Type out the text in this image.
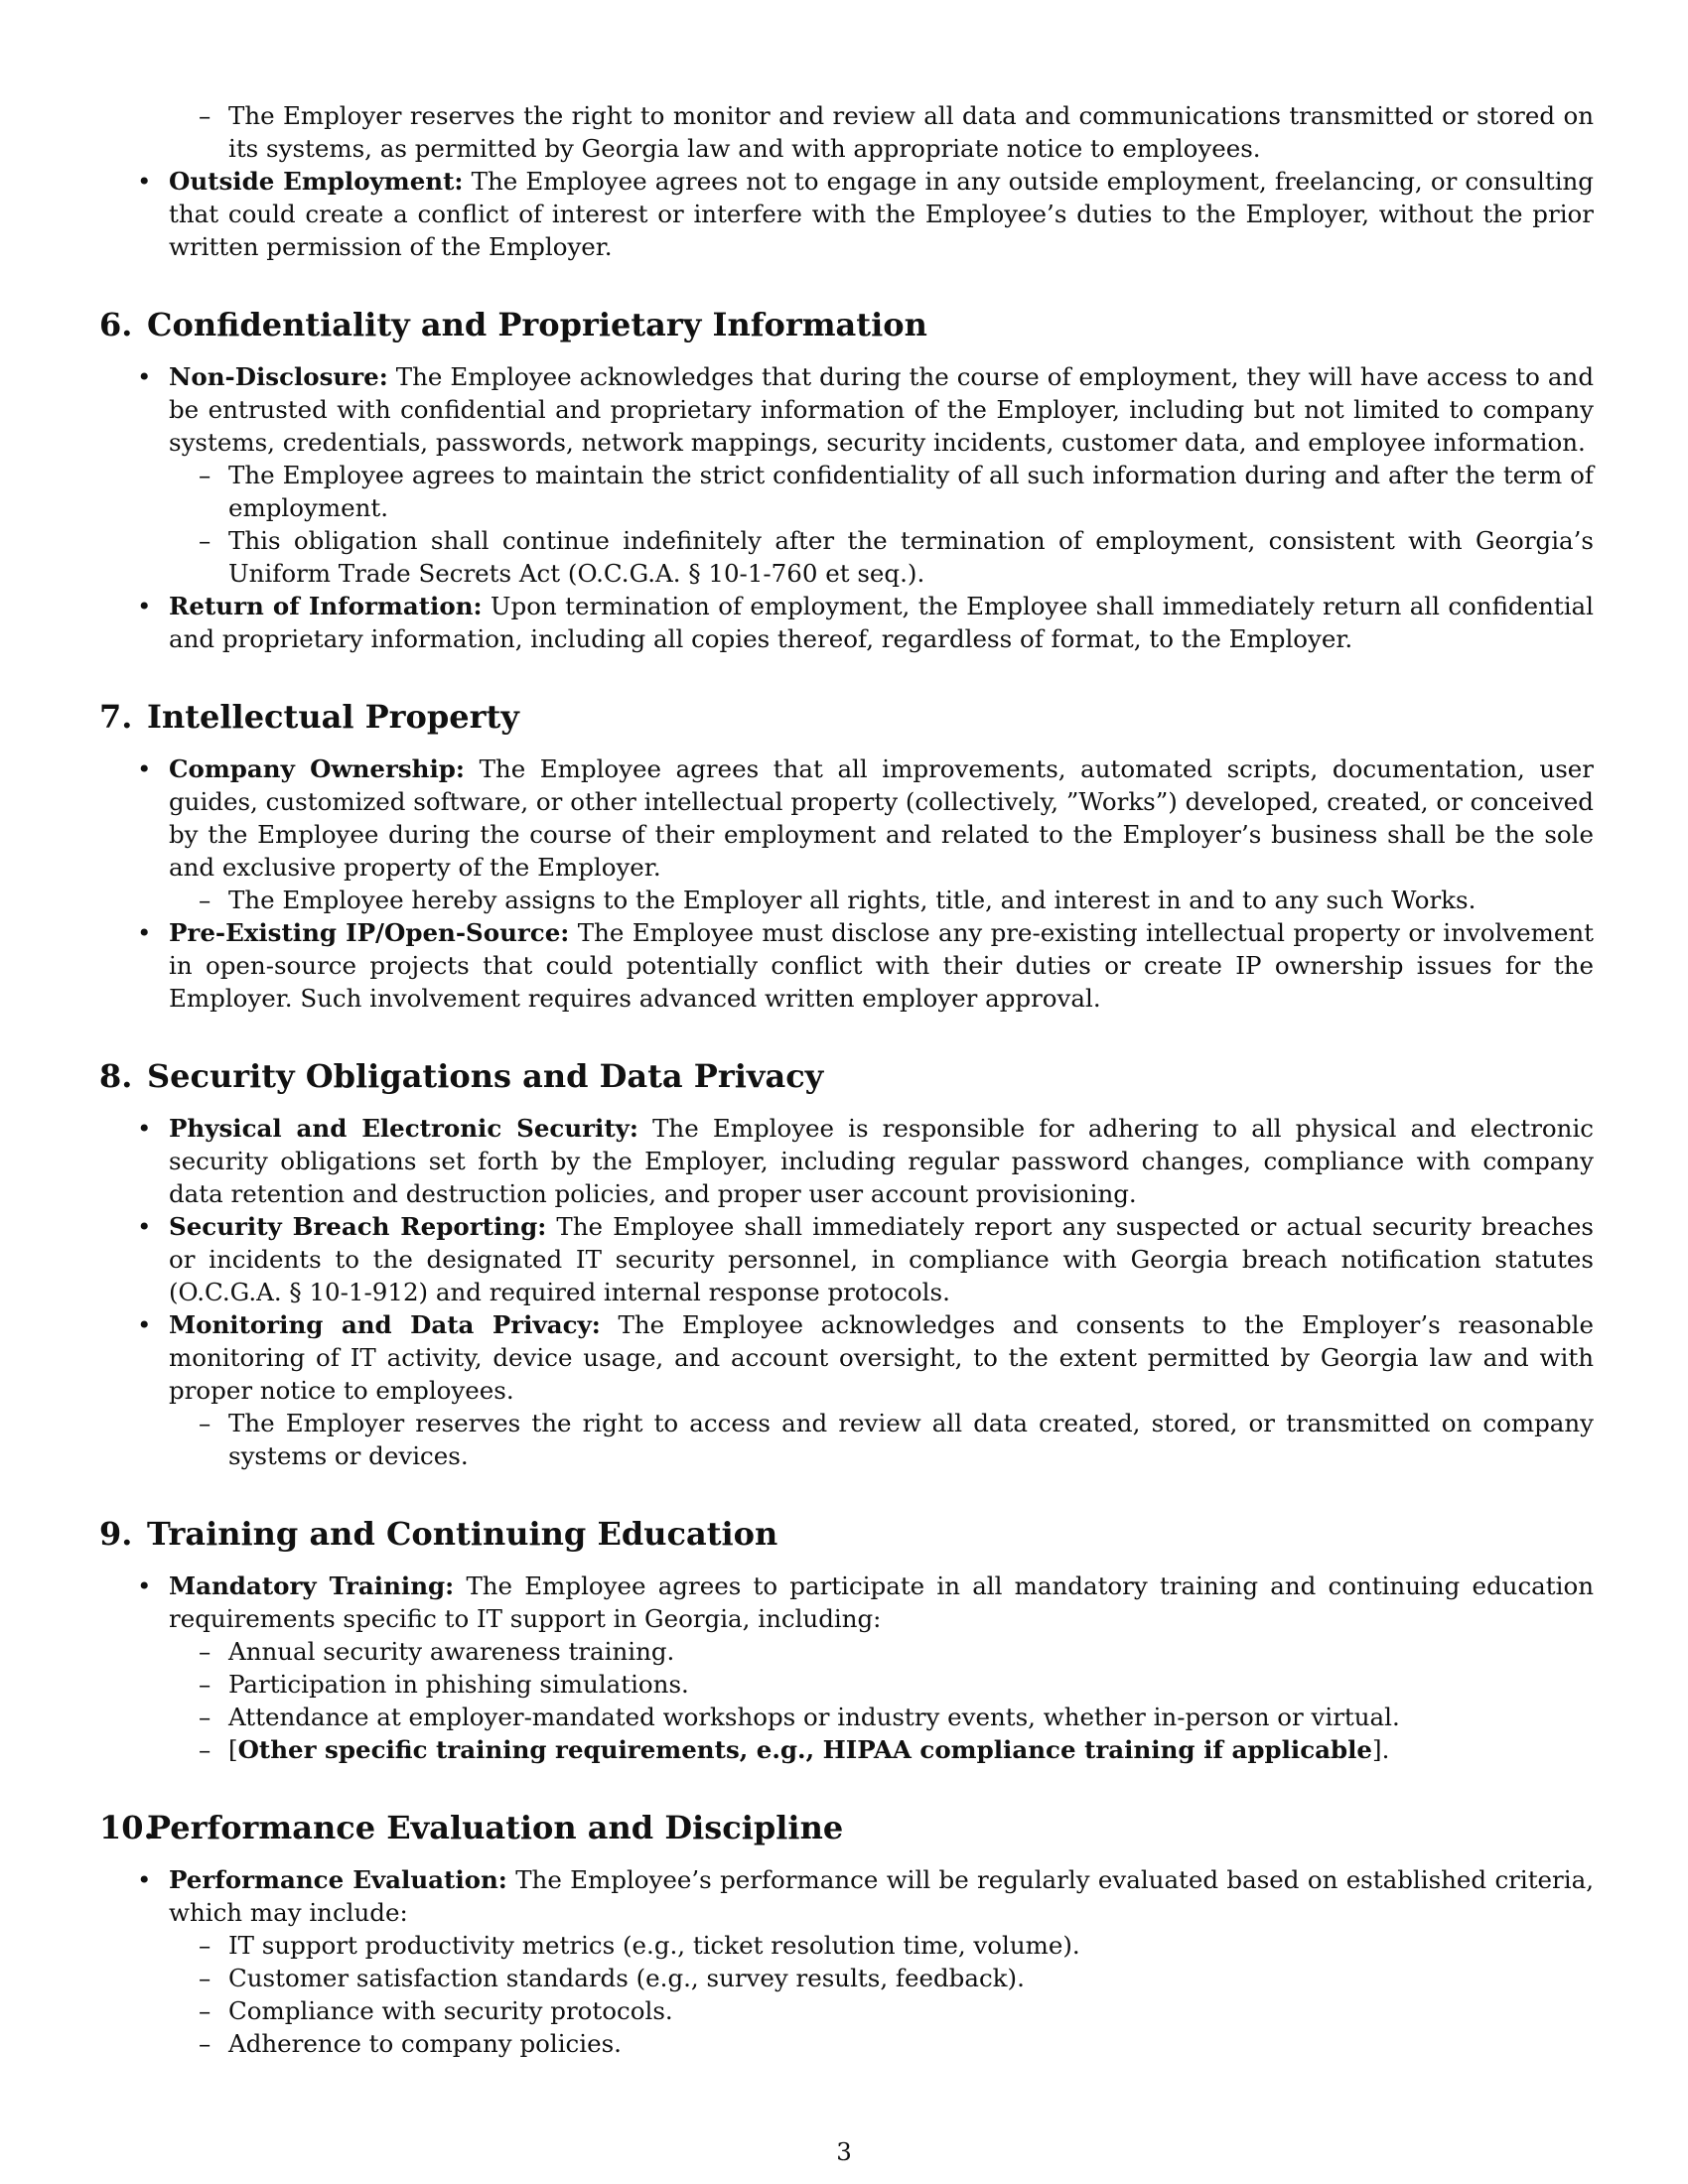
– The Employer reserves the right to monitor and review all data and communications transmitted or stored on its systems, as permitted by Georgia law and with appropriate notice to employees.
• Outside Employment: The Employee agrees not to engage in any outside employment, freelancing, or consulting that could create a conflict of interest or interfere with the Employee’s duties to the Employer, without the prior written permission of the Employer.
6. Confidentiality and Proprietary Information
• Non-Disclosure: The Employee acknowledges that during the course of employment, they will have access to and be entrusted with confidential and proprietary information of the Employer, including but not limited to company systems, credentials, passwords, network mappings, security incidents, customer data, and employee information.
– The Employee agrees to maintain the strict confidentiality of all such information during and after the term of employment.
– This obligation shall continue indefinitely after the termination of employment, consistent with Georgia’s Uniform Trade Secrets Act (O.C.G.A. § 10-1-760 et seq.).
• Return of Information: Upon termination of employment, the Employee shall immediately return all confidential and proprietary information, including all copies thereof, regardless of format, to the Employer.
7. Intellectual Property
• Company Ownership: The Employee agrees that all improvements, automated scripts, documentation, user guides, customized software, or other intellectual property (collectively, ”Works”) developed, created, or conceived by the Employee during the course of their employment and related to the Employer’s business shall be the sole and exclusive property of the Employer.
– The Employee hereby assigns to the Employer all rights, title, and interest in and to any such Works.
• Pre-Existing IP/Open-Source: The Employee must disclose any pre-existing intellectual property or involvement in open-source projects that could potentially conflict with their duties or create IP ownership issues for the Employer. Such involvement requires advanced written employer approval.
8. Security Obligations and Data Privacy
• Physical and Electronic Security: The Employee is responsible for adhering to all physical and electronic security obligations set forth by the Employer, including regular password changes, compliance with company data retention and destruction policies, and proper user account provisioning.
• Security Breach Reporting: The Employee shall immediately report any suspected or actual security breaches or incidents to the designated IT security personnel, in compliance with Georgia breach notification statutes (O.C.G.A. § 10-1-912) and required internal response protocols.
• Monitoring and Data Privacy: The Employee acknowledges and consents to the Employer’s reasonable monitoring of IT activity, device usage, and account oversight, to the extent permitted by Georgia law and with proper notice to employees.
– The Employer reserves the right to access and review all data created, stored, or transmitted on company systems or devices.
9. Training and Continuing Education
• Mandatory Training: The Employee agrees to participate in all mandatory training and continuing education requirements specific to IT support in Georgia, including:
– Annual security awareness training.
– Participation in phishing simulations.
– Attendance at employer-mandated workshops or industry events, whether in-person or virtual.
– [Other specific training requirements, e.g., HIPAA compliance training if applicable].
10.Performance Evaluation and Discipline
• Performance Evaluation: The Employee’s performance will be regularly evaluated based on established criteria, which may include:
– IT support productivity metrics (e.g., ticket resolution time, volume).
– Customer satisfaction standards (e.g., survey results, feedback).
– Compliance with security protocols.
– Adherence to company policies.
3
